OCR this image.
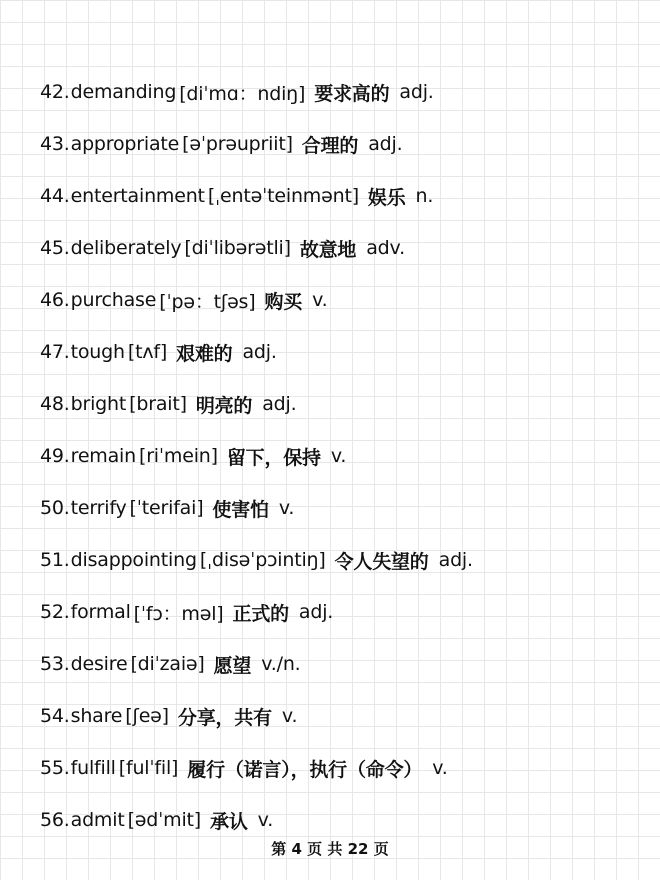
42. demanding [diˈmɑ：ndiŋ] 要求高的 adj.
43. appropriate [əˈprəupriit] 合理的 adj.
44. entertainment [ˌentəˈteinmənt] 娱乐 n.
45. deliberately [diˈlibərətli] 故意地 adv.
46. purchase [ˈpə：tʃəs] 购买 v.
47. tough [tʌf] 艰难的 adj.
48. bright [brait] 明亮的 adj.
49. remain [riˈmein] 留下，保持 v.
50. terrify [ˈterifai] 使害怕 v.
51. disappointing [ˌdisəˈpɔintiŋ] 令人失望的 adj.
52. formal [ˈfɔ：məl] 正式的 adj.
53. desire [diˈzaiə] 愿望 v./n.
54. share [ʃeə] 分享，共有 v.
55. fulfill [fulˈfil] 履行（诺言），执行（命令） v.
56. admit [ədˈmit] 承认 v.
第 4 页 共 22 页
